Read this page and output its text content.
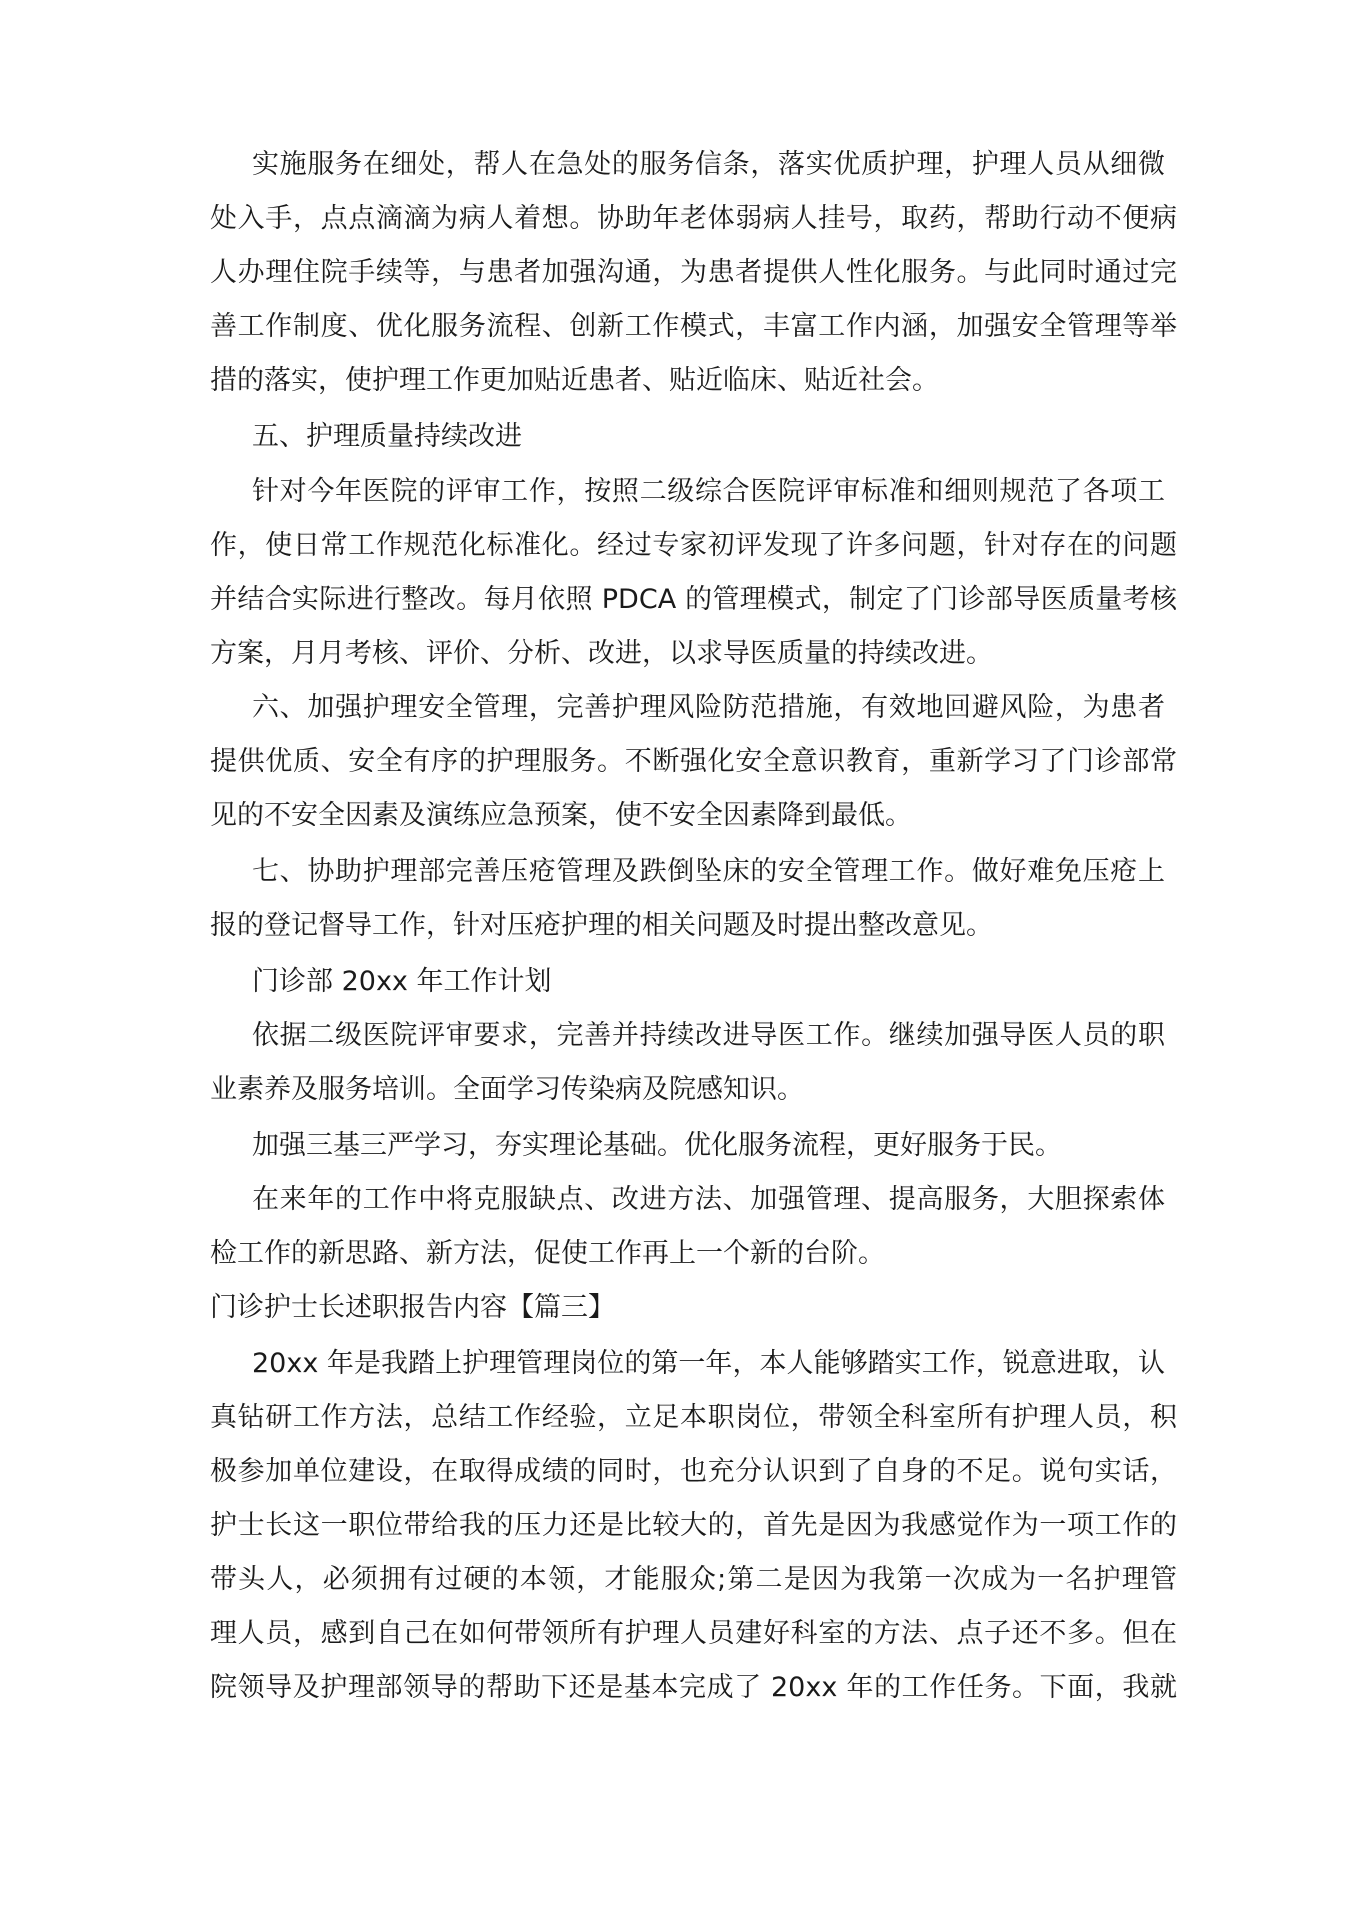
实施服务在细处，帮人在急处的服务信条，落实优质护理，护理人员从细微

处入手，点点滴滴为病人着想。协助年老体弱病人挂号，取药，帮助行动不便病

人办理住院手续等，与患者加强沟通，为患者提供人性化服务。与此同时通过完

善工作制度、优化服务流程、创新工作模式，丰富工作内涵，加强安全管理等举

措的落实，使护理工作更加贴近患者、贴近临床、贴近社会。

五、护理质量持续改进

针对今年医院的评审工作，按照二级综合医院评审标准和细则规范了各项工

作，使日常工作规范化标准化。经过专家初评发现了许多问题，针对存在的问题

并结合实际进行整改。每月依照 PDCA 的管理模式，制定了门诊部导医质量考核

方案，月月考核、评价、分析、改进，以求导医质量的持续改进。

六、加强护理安全管理，完善护理风险防范措施，有效地回避风险，为患者

提供优质、安全有序的护理服务。不断强化安全意识教育，重新学习了门诊部常

见的不安全因素及演练应急预案，使不安全因素降到最低。

七、协助护理部完善压疮管理及跌倒坠床的安全管理工作。做好难免压疮上

报的登记督导工作，针对压疮护理的相关问题及时提出整改意见。

门诊部 20xx 年工作计划

依据二级医院评审要求，完善并持续改进导医工作。继续加强导医人员的职

业素养及服务培训。全面学习传染病及院感知识。

加强三基三严学习，夯实理论基础。优化服务流程，更好服务于民。

在来年的工作中将克服缺点、改进方法、加强管理、提高服务，大胆探索体

检工作的新思路、新方法，促使工作再上一个新的台阶。

门诊护士长述职报告内容【篇三】

20xx 年是我踏上护理管理岗位的第一年，本人能够踏实工作，锐意进取，认

真钻研工作方法，总结工作经验，立足本职岗位，带领全科室所有护理人员，积

极参加单位建设，在取得成绩的同时，也充分认识到了自身的不足。说句实话，

护士长这一职位带给我的压力还是比较大的，首先是因为我感觉作为一项工作的

带头人，必须拥有过硬的本领，才能服众;第二是因为我第一次成为一名护理管

理人员，感到自己在如何带领所有护理人员建好科室的方法、点子还不多。但在

院领导及护理部领导的帮助下还是基本完成了 20xx 年的工作任务。下面，我就
